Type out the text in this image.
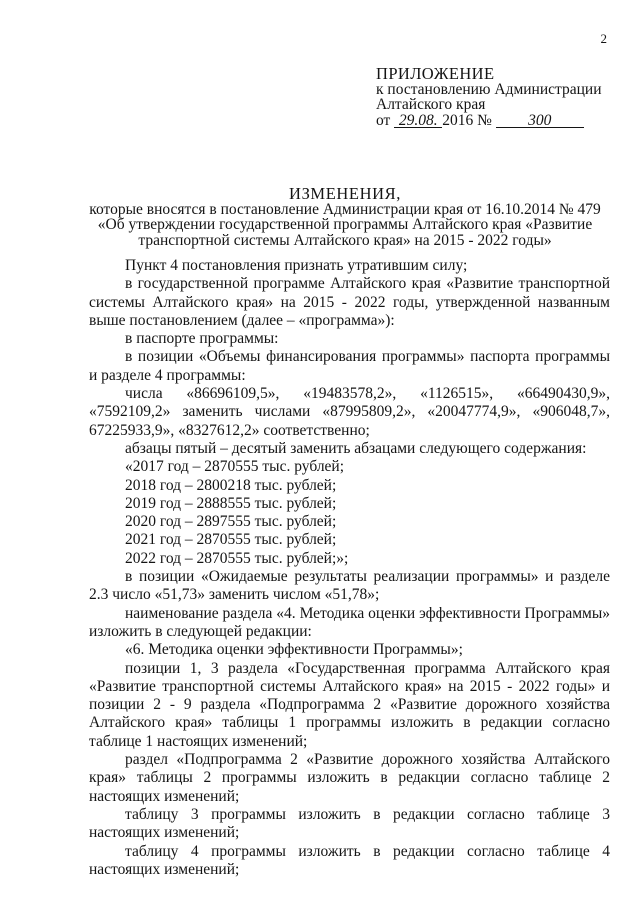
2
ПРИЛОЖЕНИЕ
к постановлению Администрации
Алтайского края
от 29.08. 2016 № 300
ИЗМЕНЕНИЯ,
которые вносятся в постановление Администрации края от 16.10.2014 № 479
«Об утверждении государственной программы Алтайского края «Развитие
транспортной системы Алтайского края» на 2015 - 2022 годы»

Пункт 4 постановления признать утратившим силу;

в государственной программе Алтайского края «Развитие транспортной системы Алтайского края» на 2015 - 2022 годы, утвержденной названным выше постановлением (далее – «программа»):

в паспорте программы:

в позиции «Объемы финансирования программы» паспорта программы и разделе 4 программы:

числа «86696109,5», «19483578,2», «1126515», «66490430,9», «7592109,2» заменить числами «87995809,2», «20047774,9», «906048,7», 67225933,9», «8327612,2» соответственно;

абзацы пятый – десятый заменить абзацами следующего содержания:

«2017 год – 2870555 тыс. рублей;

2018 год – 2800218 тыс. рублей;

2019 год – 2888555 тыс. рублей;

2020 год – 2897555 тыс. рублей;

2021 год – 2870555 тыс. рублей;

2022 год – 2870555 тыс. рублей;»;

в позиции «Ожидаемые результаты реализации программы» и разделе 2.3 число «51,73» заменить числом «51,78»;

наименование раздела «4. Методика оценки эффективности Программы» изложить в следующей редакции:

«6. Методика оценки эффективности Программы»;

позиции 1, 3 раздела «Государственная программа Алтайского края «Развитие транспортной системы Алтайского края» на 2015 - 2022 годы» и позиции 2 - 9 раздела «Подпрограмма 2 «Развитие дорожного хозяйства Алтайского края» таблицы 1 программы изложить в редакции согласно таблице 1 настоящих изменений;

раздел «Подпрограмма 2 «Развитие дорожного хозяйства Алтайского края» таблицы 2 программы изложить в редакции согласно таблице 2 настоящих изменений;

таблицу 3 программы изложить в редакции согласно таблице 3 настоящих изменений;

таблицу 4 программы изложить в редакции согласно таблице 4 настоящих изменений;
